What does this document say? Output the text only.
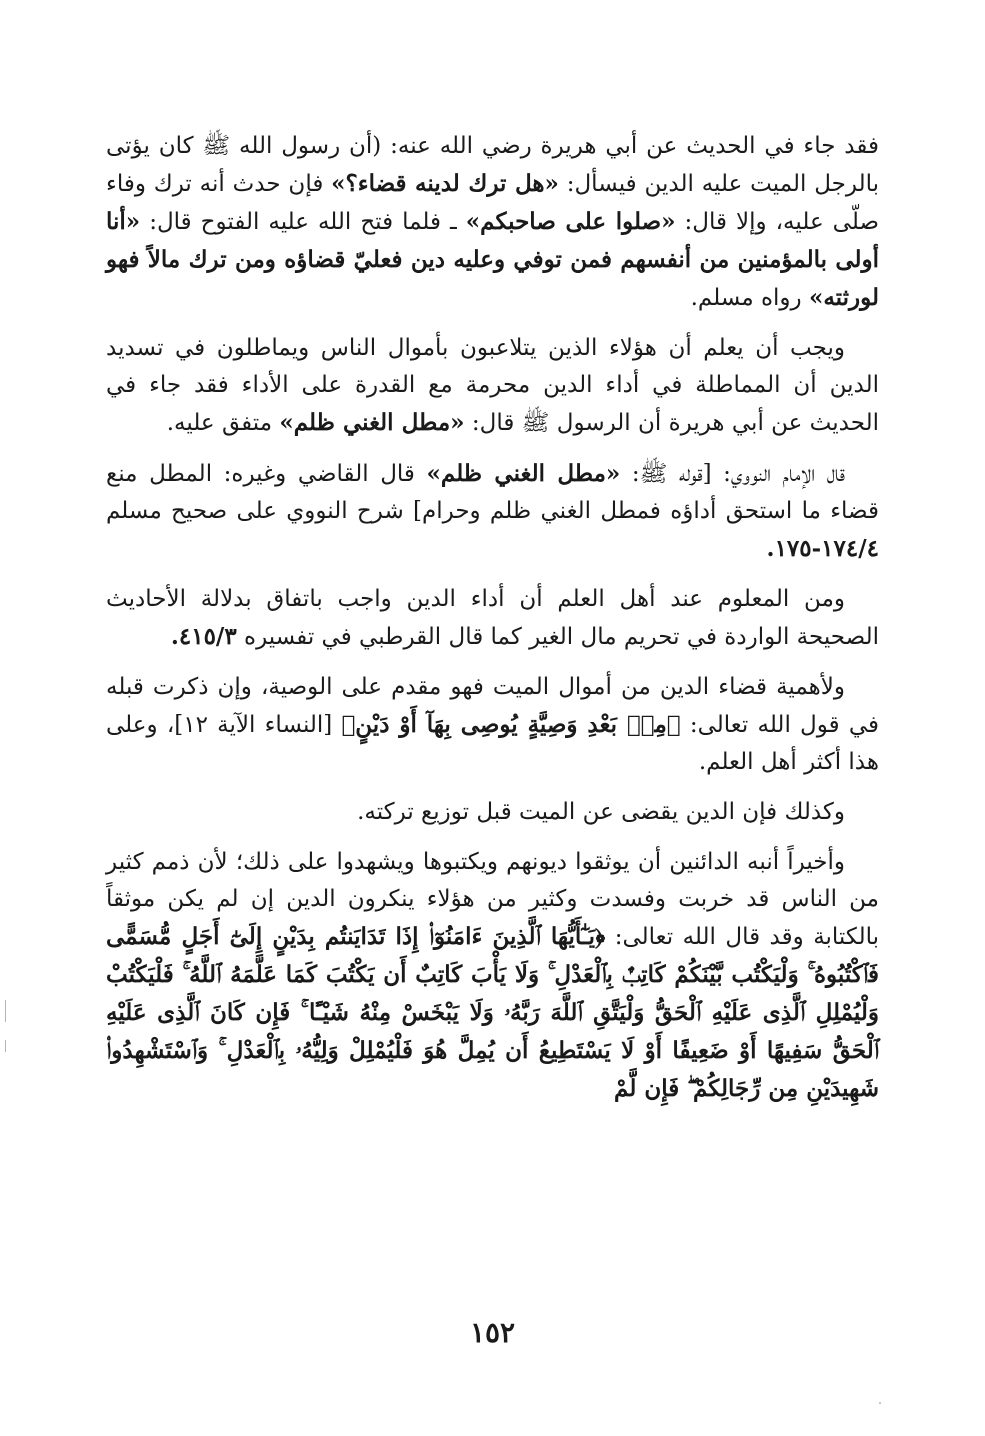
فقد جاء في الحديث عن أبي هريرة رضي الله عنه: (أن رسول الله ﷺ كان يؤتى بالرجل الميت عليه الدين فيسأل: «هل ترك لدينه قضاء؟» فإن حدث أنه ترك وفاء صلّى عليه، وإلا قال: «صلوا على صاحبكم» ـ فلما فتح الله عليه الفتوح قال: «أنا أولى بالمؤمنين من أنفسهم فمن توفي وعليه دين فعليّ قضاؤه ومن ترك مالاً فهو لورثته» رواه مسلم.

ويجب أن يعلم أن هؤلاء الذين يتلاعبون بأموال الناس ويماطلون في تسديد الدين أن المماطلة في أداء الدين محرمة مع القدرة على الأداء فقد جاء في الحديث عن أبي هريرة أن الرسول ﷺ قال: «مطل الغني ظلم» متفق عليه.

قال الإمام النووي: [قوله ﷺ: «مطل الغني ظلم» قال القاضي وغيره: المطل منع قضاء ما استحق أداؤه فمطل الغني ظلم وحرام] شرح النووي على صحيح مسلم ١٧٤/٤-١٧٥.

ومن المعلوم عند أهل العلم أن أداء الدين واجب باتفاق بدلالة الأحاديث الصحيحة الواردة في تحريم مال الغير كما قال القرطبي في تفسيره ٤١٥/٣.

ولأهمية قضاء الدين من أموال الميت فهو مقدم على الوصية، وإن ذكرت قبله في قول الله تعالى: ﴿مِنۢ بَعْدِ وَصِيَّةٍ يُوصِى بِهَآ أَوْ دَيْنٍ﴾ [النساء الآية ١٢]، وعلى هذا أكثر أهل العلم.

وكذلك فإن الدين يقضى عن الميت قبل توزيع تركته.

وأخيراً أنبه الدائنين أن يوثقوا ديونهم ويكتبوها ويشهدوا على ذلك؛ لأن ذمم كثير من الناس قد خربت وفسدت وكثير من هؤلاء ينكرون الدين إن لم يكن موثقاً بالكتابة وقد قال الله تعالى: ﴿يَـٰٓأَيُّهَا ٱلَّذِينَ ءَامَنُوٓا۟ إِذَا تَدَايَنتُم بِدَيْنٍ إِلَىٰٓ أَجَلٍ مُّسَمًّى فَٱكْتُبُوهُ ۚ وَلْيَكْتُب بَّيْنَكُمْ كَاتِبٌۢ بِٱلْعَدْلِ ۚ وَلَا يَأْبَ كَاتِبٌ أَن يَكْتُبَ كَمَا عَلَّمَهُ ٱللَّهُ ۚ فَلْيَكْتُبْ وَلْيُمْلِلِ ٱلَّذِى عَلَيْهِ ٱلْحَقُّ وَلْيَتَّقِ ٱللَّهَ رَبَّهُۥ وَلَا يَبْخَسْ مِنْهُ شَيْـًٔا ۚ فَإِن كَانَ ٱلَّذِى عَلَيْهِ ٱلْحَقُّ سَفِيهًا أَوْ ضَعِيفًا أَوْ لَا يَسْتَطِيعُ أَن يُمِلَّ هُوَ فَلْيُمْلِلْ وَلِيُّهُۥ بِٱلْعَدْلِ ۚ وَٱسْتَشْهِدُوا۟ شَهِيدَيْنِ مِن رِّجَالِكُمْ ۖ فَإِن لَّمْ

١٥٢
